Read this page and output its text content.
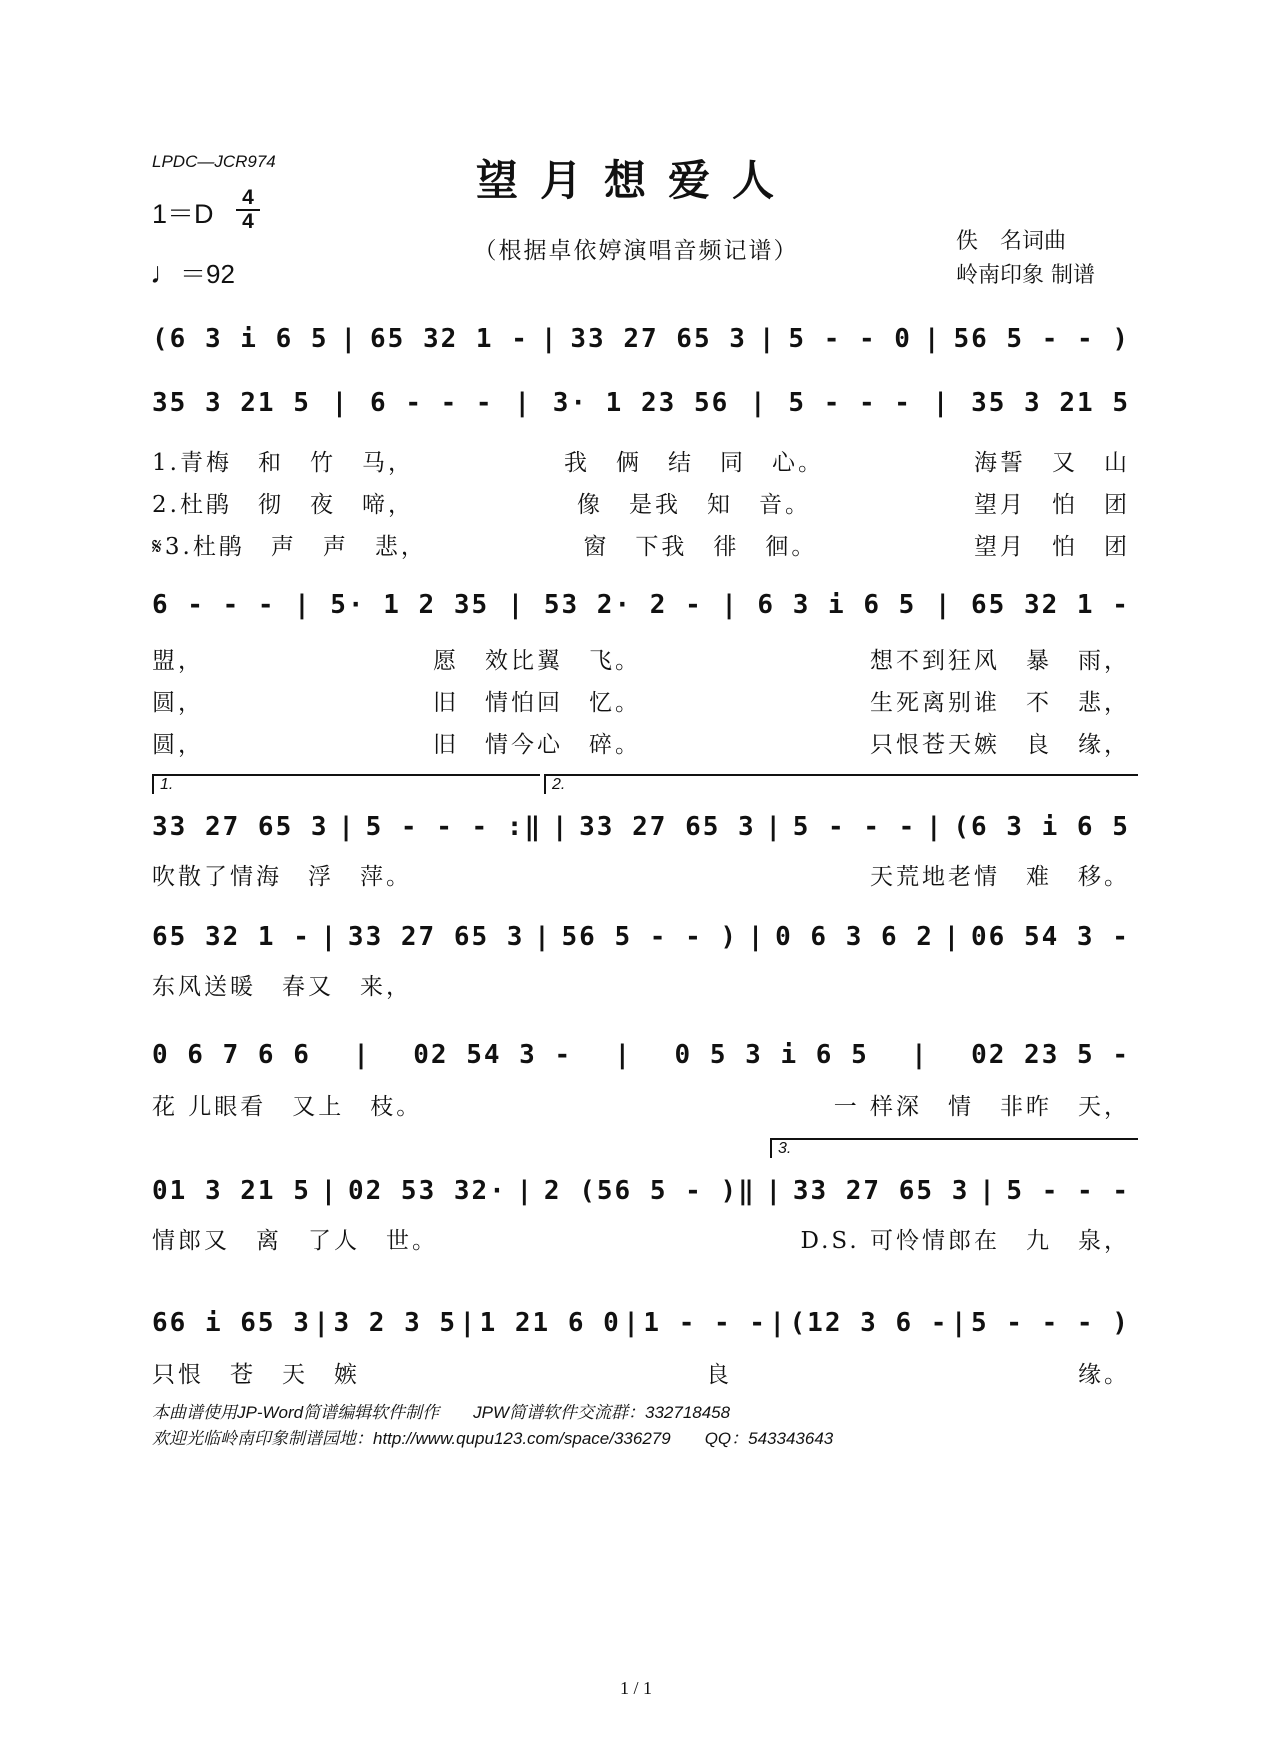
LPDC—JCR974	望月想爱人
（根据卓依婷演唱音频记谱）
1＝D
4
4
♩＝92
佚　名词曲
岭南印象 制谱
(6 3 i 6 5 | 65 32 1 - | 33 27 65 3 | 5 - - 0 | 56 5 - - )
35 3 21 5 | 6 - - - | 3· 1 23 56 | 5 - - - | 35 3 21 5
1.青梅　和　竹　马，	我　俩　结　同　心。	海誓　又　山
2.杜鹃　彻　夜　啼，	像　是我　知　音。	望月　怕　团
𝄋3.杜鹃　声　声　悲，	窗　下我　徘　徊。	望月　怕　团
6 - - - | 5· 1 2 35 | 53 2· 2 - | 6 3 i 6 5 | 65 32 1 -
盟，	愿　效比翼　飞。	想不到狂风　暴　雨，
圆，	旧　情怕回　忆。	生死离别谁　不　悲，
圆，	旧　情今心　碎。	只恨苍天嫉　良　缘，
33 27 65 3 | 5 - - - :‖ | 33 27 65 3 | 5 - - - | (6 3 i 6 5
吹散了情海　浮　萍。	天荒地老情　难　移。
1.	2.
65 32 1 - | 33 27 65 3 | 56 5 - - ) | 0 6 3 6 2 | 06 54 3 -
东风送暖　春又　来，
0 6 7 6 6 | 02 54 3 - | 0 5 3 i 6 5 | 02 23 5 -
花 儿眼看　又上　枝。	一 样深　情　非昨　天，
01 3 21 5 | 02 53 32· | 2 (56 5 - )‖ | 33 27 65 3 | 5 - - -
情郎又　离　了人　世。	D.S. 可怜情郎在　九　泉，
3.
66 i 65 3 | 3 2 3 5 | 1 21 6 0 | 1 - - - | (12 3 6 - | 5 - - - )
只恨　苍　天　嫉	良	缘。
本曲谱使用JP-Word简谱编辑软件制作　　JPW简谱软件交流群：332718458
欢迎光临岭南印象制谱园地：http://www.qupu123.com/space/336279　　QQ：543343643
1 / 1
